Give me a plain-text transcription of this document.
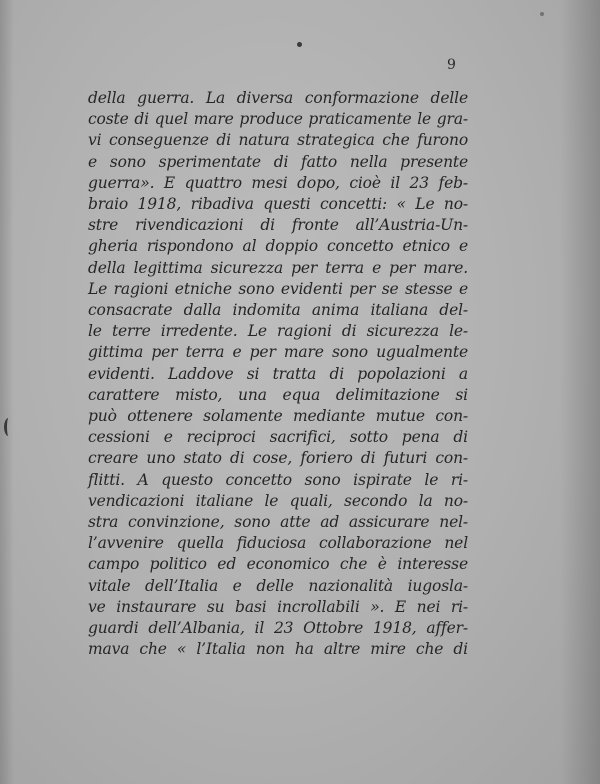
9
della guerra. La diversa conformazione delle
coste di quel mare produce praticamente le gra-
vi conseguenze di natura strategica che furono
e sono sperimentate di fatto nella presente
guerra». E quattro mesi dopo, cioè il 23 feb-
braio 1918, ribadiva questi concetti: « Le no-
stre rivendicazioni di fronte all’Austria-Un-
gheria rispondono al doppio concetto etnico e
della legittima sicurezza per terra e per mare.
Le ragioni etniche sono evidenti per se stesse e
consacrate dalla indomita anima italiana del-
le terre irredente. Le ragioni di sicurezza le-
gittima per terra e per mare sono ugualmente
evidenti. Laddove si tratta di popolazioni a
carattere misto, una equa delimitazione si
può ottenere solamente mediante mutue con-
cessioni e reciproci sacrifici, sotto pena di
creare uno stato di cose, foriero di futuri con-
flitti. A questo concetto sono ispirate le ri-
vendicazioni italiane le quali, secondo la no-
stra convinzione, sono atte ad assicurare nel-
l’avvenire quella fiduciosa collaborazione nel
campo politico ed economico che è interesse
vitale dell’Italia e delle nazionalità iugosla-
ve instaurare su basi incrollabili ». E nei ri-
guardi dell’Albania, il 23 Ottobre 1918, affer-
mava che « l’Italia non ha altre mire che di
